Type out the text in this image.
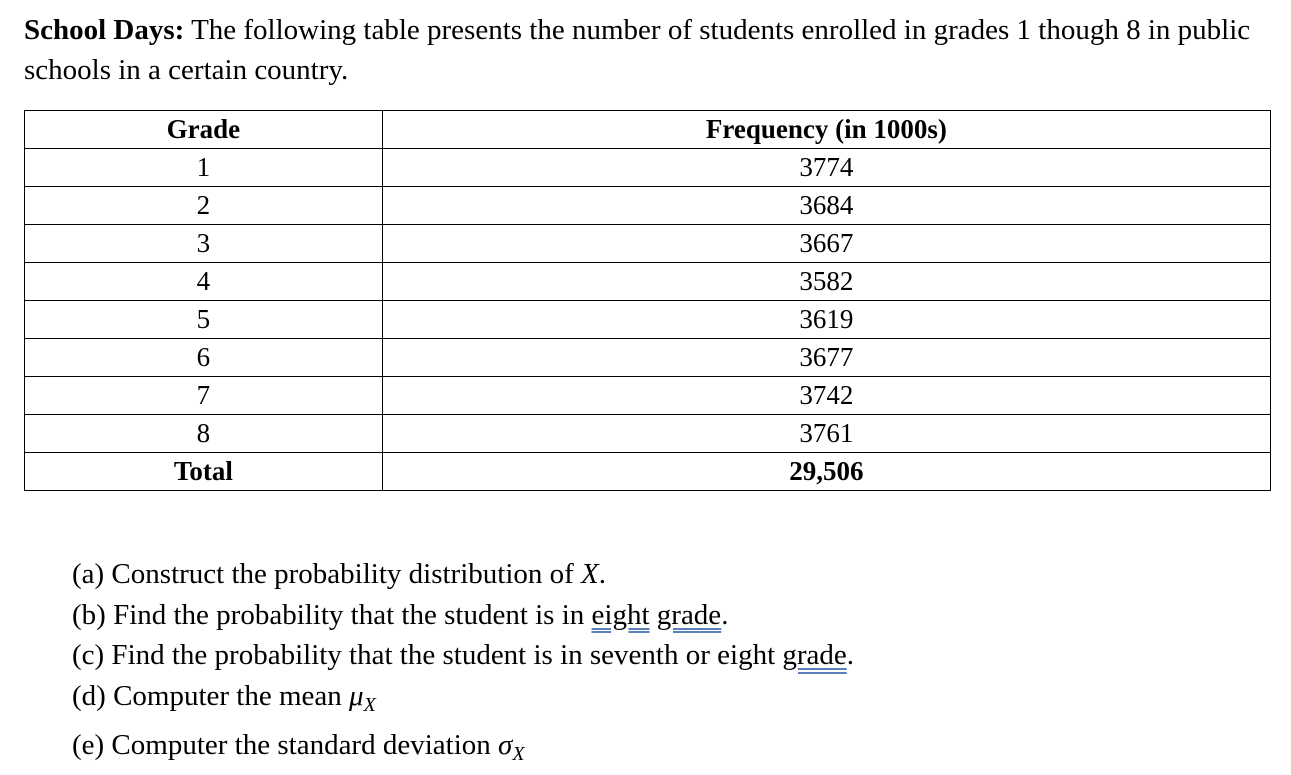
School Days: The following table presents the number of students enrolled in grades 1 though 8 in public schools in a certain country.

Grade	Frequency (in 1000s)
1	3774
2	3684
3	3667
4	3582
5	3619
6	3677
7	3742
8	3761
Total	29,506
(a) Construct the probability distribution of X.
(b) Find the probability that the student is in eight grade.
(c) Find the probability that the student is in seventh or eight grade.
(d) Computer the mean $\mu_X$
(e) Computer the standard deviation $\sigma_X$
